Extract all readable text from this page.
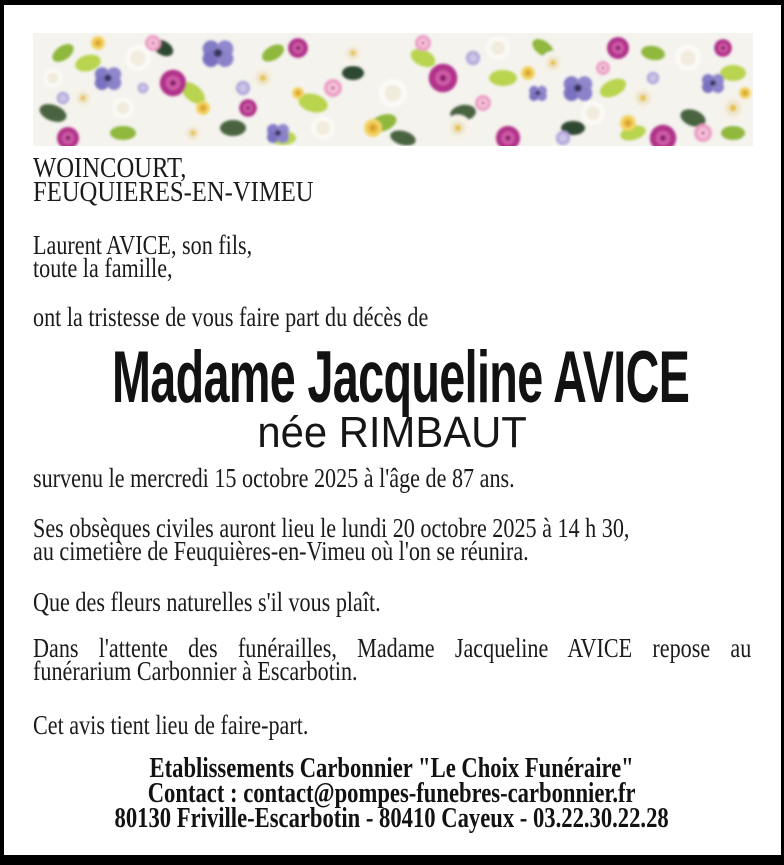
WOINCOURT,
FEUQUIERES-EN-VIMEU
Laurent AVICE, son fils,
toute la famille,
ont la tristesse de vous faire part du décès de
Madame Jacqueline AVICE
née RIMBAUT
survenu le mercredi 15 octobre 2025 à l'âge de 87 ans.
Ses obsèques civiles auront lieu le lundi 20 octobre 2025 à 14 h 30,
au cimetière de Feuquières-en-Vimeu où l'on se réunira.
Que des fleurs naturelles s'il vous plaît.
Dans l'attente des funérailles, Madame Jacqueline AVICE repose au
funérarium Carbonnier à Escarbotin.
Cet avis tient lieu de faire-part.
Etablissements Carbonnier "Le Choix Funéraire"
Contact : contact@pompes-funebres-carbonnier.fr
80130 Friville-Escarbotin - 80410 Cayeux - 03.22.30.22.28
